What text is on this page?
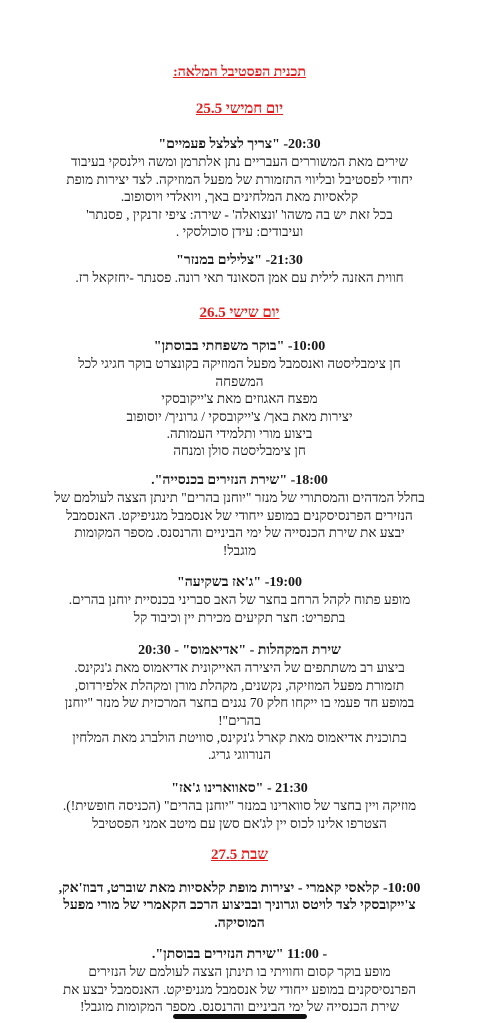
תכנית הפסטיבל המלאה:
יום חמישי 25.5
20:30- "צריך לצלצל פעמיים"
שירים מאת המשוררים העבריים נתן אלתרמן ומשה וילנסקי בעיבוד
יחודי לפסטיבל ובליווי התזמורת של מפעל המוזיקה. לצד יצירות מופת
קלאסיות מאת המלחינים באך, ויואלדי ויוסופוב.
בכל זאת יש בה משהו' 'ונצואלה' - שירה: ציפי זרנקין , פסנתר'
ועיבודים: עידן סוכולסקי .
21:30- "צלילים במנזר"
חווית האזנה לילית עם אמן הסאונד תאי רונה. פסנתר -יחזקאל רז.
יום שישי 26.5
10:00- "בוקר משפחתי בבוסתן"
חן צימבליסטה ואנסמבל מפעל המוזיקה בקונצרט בוקר חגיגי לכל
המשפחה
מפצח האגוזים מאת צ'ייקובסקי
יצירות מאת באך/ צ'ייקובסקי / גרוניך/ יוסופוב
ביצוע מורי ותלמידי העמותה.
חן צימבליסטה סולן ומנחה
18:00- "שירת הנזירים בכנסייה".
בחלל המדהים והמסתורי של מנזר "יוחנן בהרים" תינתן הצצה לעולמם של
הנזירים הפרנסיסקנים במופע ייחודי של אנסמבל מגניפיקט. האנסמבל
יבצע את שירת הכנסייה של ימי הביניים והרנסנס. מספר המקומות
מוגבל!
19:00- "ג'אז בשקיעה"
מופע פתוח לקהל הרחב בחצר של האב סבריני בכנסיית יוחנן בהרים.
בתפריט: חצר תקיעים מכירת יין וכיבוד קל
שירת המקהלות - "אדיאמוס" - 20:30
ביצוע רב משתתפים של היצירה האייקונית אדיאמוס מאת ג'נקינס.
תזמורת מפעל המוזיקה, נקשנים, מקהלת מורן ומקהלת אלפירדוס,
במופע חד פעמי בו ייקחו חלק 70 נגנים בחצר המרכזית של מנזר "יוחנן
בהרים"!
בתוכנית אדיאמוס מאת קארל ג'נקינס, סוויטת הולברג מאת המלחין
הנורווגי גריג.
21:30 - "סאווארינו ג'אז"
מוזיקה ויין בחצר של סווארינו במנזר "יוחנן בהרים" (הכניסה חופשית!).
הצטרפו אלינו לכוס יין לג'אם סשן עם מיטב אמני הפסטיבל
שבת 27.5
10:00- קלאסי קאמרי - יצירות מופת קלאסיות מאת שוברט, דבוז'אק,
צ'ייקובסקי לצד לויטס וגרוניך ובביצוע הרכב הקאמרי של מורי מפעל
המוסיקה.
- 11:00 "שירת הנזירים בבוסתן".
מופע בוקר קסום וחוויתי בו תינתן הצצה לעולמם של הנזירים
הפרנסיסקנים במופע ייחודי של אנסמבל מגניפיקט. האנסמבל יבצע את
שירת הכנסייה של ימי הביניים והרנסנס. מספר המקומות מוגבל!
